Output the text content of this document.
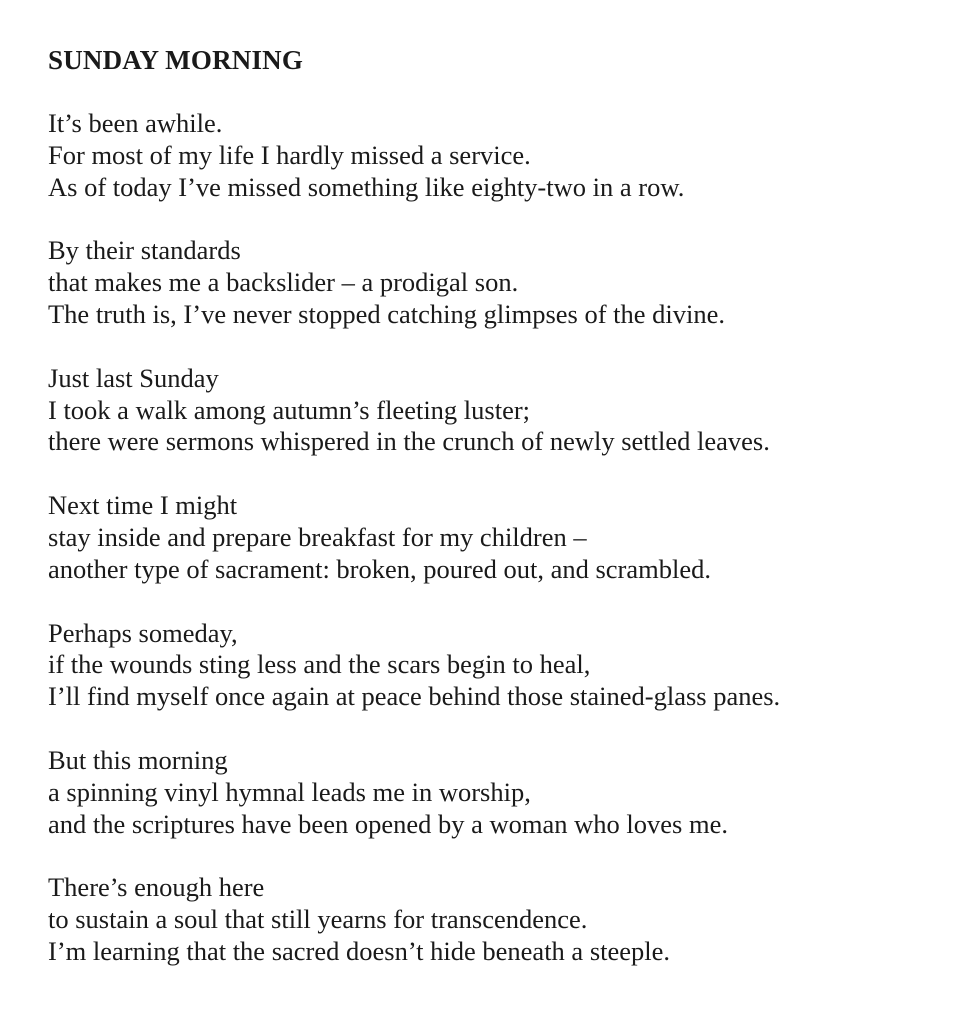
SUNDAY MORNING
It’s been awhile.
For most of my life I hardly missed a service.
As of today I’ve missed something like eighty-two in a row.
By their standards
that makes me a backslider – a prodigal son.
The truth is, I’ve never stopped catching glimpses of the divine.
Just last Sunday
I took a walk among autumn’s fleeting luster;
there were sermons whispered in the crunch of newly settled leaves.
Next time I might
stay inside and prepare breakfast for my children –
another type of sacrament: broken, poured out, and scrambled.
Perhaps someday,
if the wounds sting less and the scars begin to heal,
I’ll find myself once again at peace behind those stained-glass panes.
But this morning
a spinning vinyl hymnal leads me in worship,
and the scriptures have been opened by a woman who loves me.
There’s enough here
to sustain a soul that still yearns for transcendence.
I’m learning that the sacred doesn’t hide beneath a steeple.
